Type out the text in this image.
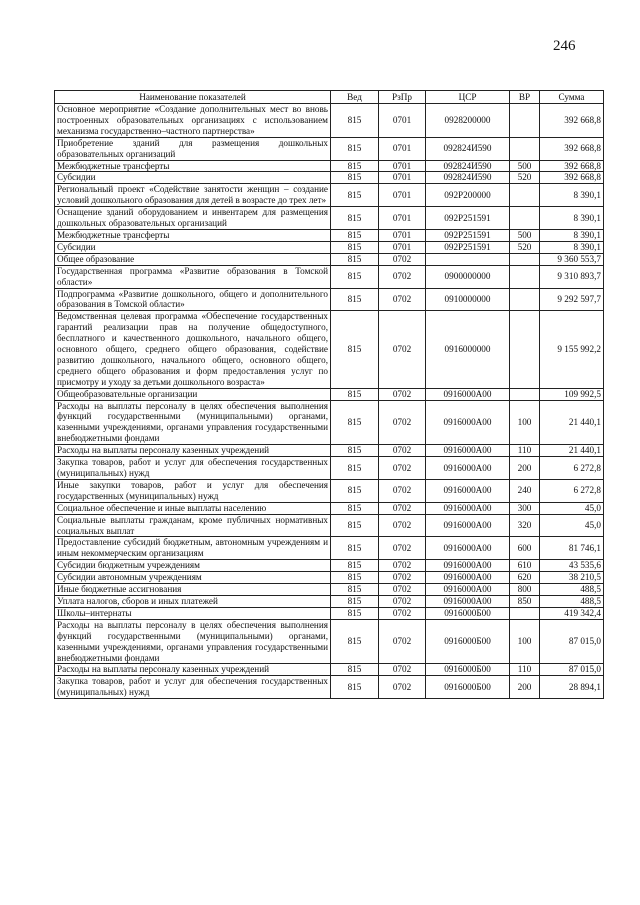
246
Наименование показателей	Вед	РзПр	ЦСР	ВР	Сумма
Основное мероприятие «Создание дополнительных мест во вновь построенных образовательных организациях с использованием механизма государственно–частного партнерства»	815	0701	0928200000		392 668,8
Приобретение зданий для размещения дошкольных образовательных организаций	815	0701	092824И590		392 668,8
Межбюджетные трансферты	815	0701	092824И590	500	392 668,8
Субсидии	815	0701	092824И590	520	392 668,8
Региональный проект «Содействие занятости женщин – создание условий дошкольного образования для детей в возрасте до трех лет»	815	0701	092P200000		8 390,1
Оснащение зданий оборудованием и инвентарем для размещения дошкольных образовательных организаций	815	0701	092P251591		8 390,1
Межбюджетные трансферты	815	0701	092P251591	500	8 390,1
Субсидии	815	0701	092P251591	520	8 390,1
Общее образование	815	0702			9 360 553,7
Государственная программа «Развитие образования в Томской области»	815	0702	0900000000		9 310 893,7
Подпрограмма «Развитие дошкольного, общего и дополнительного образования в Томской области»	815	0702	0910000000		9 292 597,7
Ведомственная целевая программа «Обеспечение государственных гарантий реализации прав на получение общедоступного, бесплатного и качественного дошкольного, начального общего, основного общего, среднего общего образования, содействие развитию дошкольного, начального общего, основного общего, среднего общего образования и форм предоставления услуг по присмотру и уходу за детьми дошкольного возраста»	815	0702	0916000000		9 155 992,2
Общеобразовательные организации	815	0702	0916000А00		109 992,5
Расходы на выплаты персоналу в целях обеспечения выполнения функций государственными (муниципальными) органами, казенными учреждениями, органами управления государственными внебюджетными фондами	815	0702	0916000А00	100	21 440,1
Расходы на выплаты персоналу казенных учреждений	815	0702	0916000А00	110	21 440,1
Закупка товаров, работ и услуг для обеспечения государственных (муниципальных) нужд	815	0702	0916000А00	200	6 272,8
Иные закупки товаров, работ и услуг для обеспечения государственных (муниципальных) нужд	815	0702	0916000А00	240	6 272,8
Социальное обеспечение и иные выплаты населению	815	0702	0916000А00	300	45,0
Социальные выплаты гражданам, кроме публичных нормативных социальных выплат	815	0702	0916000А00	320	45,0
Предоставление субсидий бюджетным, автономным учреждениям и иным некоммерческим организациям	815	0702	0916000А00	600	81 746,1
Субсидии бюджетным учреждениям	815	0702	0916000А00	610	43 535,6
Субсидии автономным учреждениям	815	0702	0916000А00	620	38 210,5
Иные бюджетные ассигнования	815	0702	0916000А00	800	488,5
Уплата налогов, сборов и иных платежей	815	0702	0916000А00	850	488,5
Школы–интернаты	815	0702	0916000Б00		419 342,4
Расходы на выплаты персоналу в целях обеспечения выполнения функций государственными (муниципальными) органами, казенными учреждениями, органами управления государственными внебюджетными фондами	815	0702	0916000Б00	100	87 015,0
Расходы на выплаты персоналу казенных учреждений	815	0702	0916000Б00	110	87 015,0
Закупка товаров, работ и услуг для обеспечения государственных (муниципальных) нужд	815	0702	0916000Б00	200	28 894,1
